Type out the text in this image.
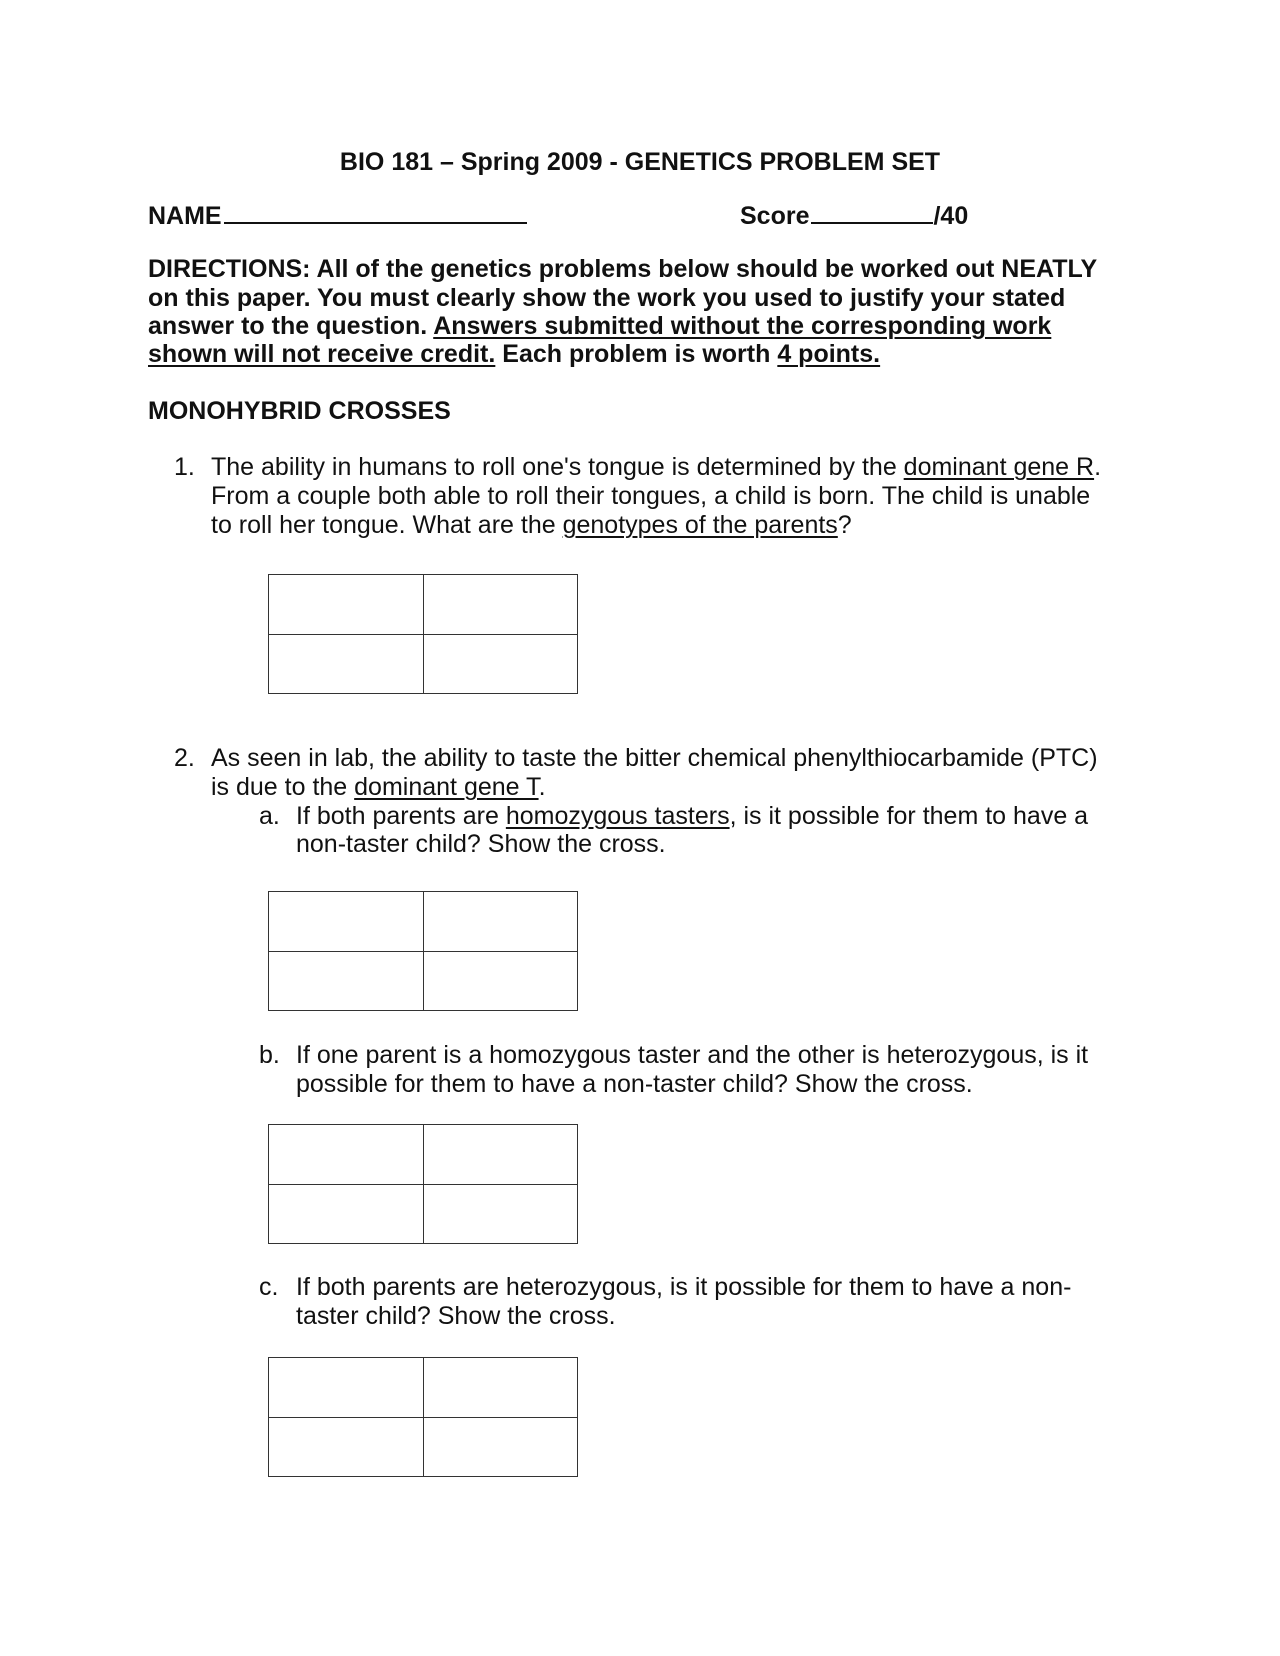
BIO 181 – Spring 2009 - GENETICS PROBLEM SET
NAME	Score	/40
DIRECTIONS: All of the genetics problems below should be worked out NEATLY
on this paper. You must clearly show the work you used to justify your stated
answer to the question. Answers submitted without the corresponding work
shown will not receive credit. Each problem is worth 4 points.
MONOHYBRID CROSSES
1. The ability in humans to roll one's tongue is determined by the dominant gene R.
From a couple both able to roll their tongues, a child is born. The child is unable
to roll her tongue. What are the genotypes of the parents?
2. As seen in lab, the ability to taste the bitter chemical phenylthiocarbamide (PTC)
is due to the dominant gene T.
a. If both parents are homozygous tasters, is it possible for them to have a
non-taster child? Show the cross.
b. If one parent is a homozygous taster and the other is heterozygous, is it
possible for them to have a non-taster child? Show the cross.
c. If both parents are heterozygous, is it possible for them to have a non-
taster child? Show the cross.
